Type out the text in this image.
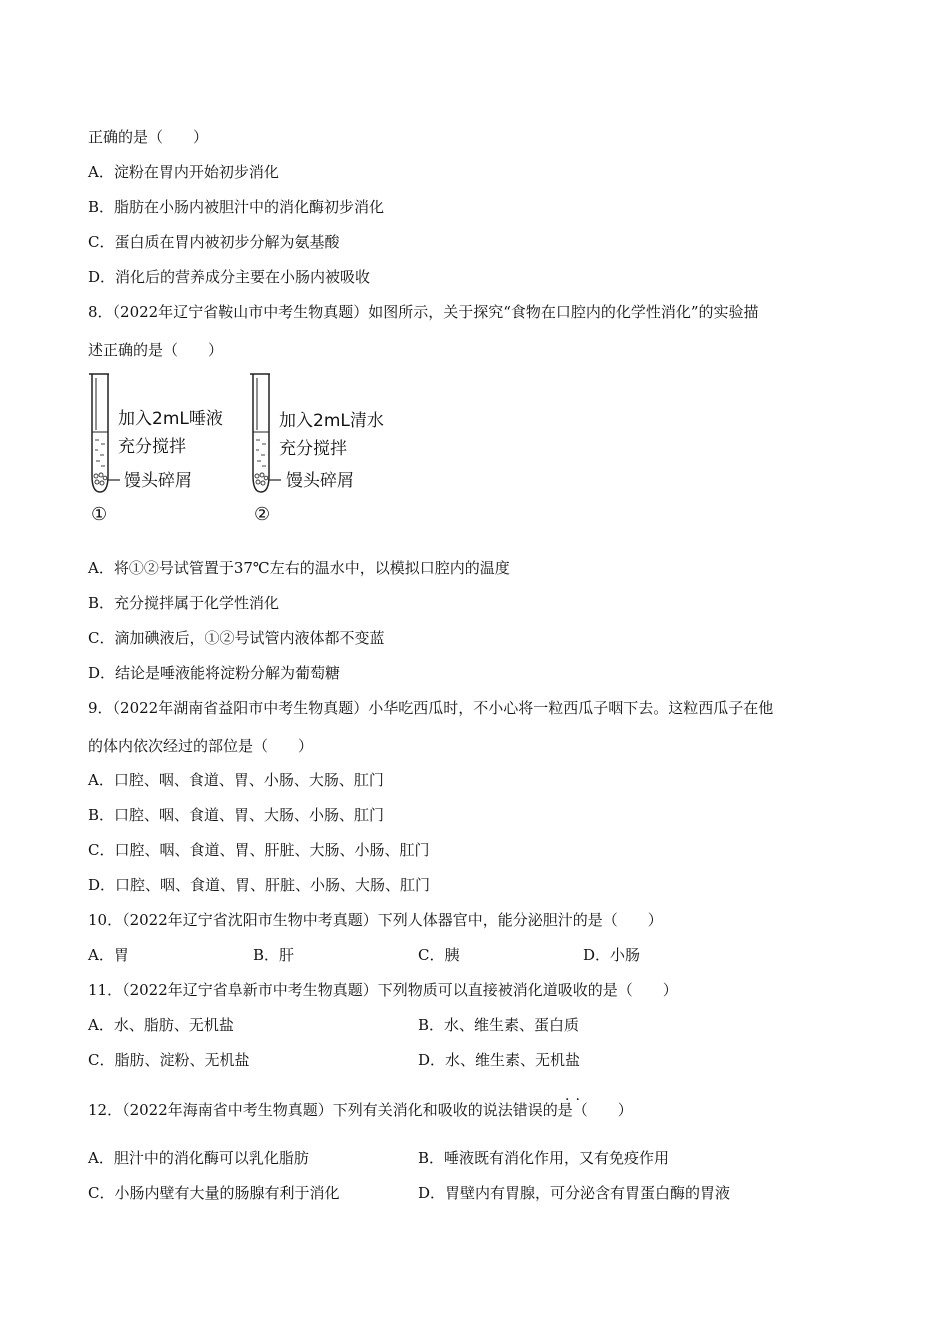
正确的是（　　）

A．淀粉在胃内开始初步消化

B．脂肪在小肠内被胆汁中的消化酶初步消化

C．蛋白质在胃内被初步分解为氨基酸

D．消化后的营养成分主要在小肠内被吸收

8．（2022年辽宁省鞍山市中考生物真题）如图所示，关于探究“食物在口腔内的化学性消化”的实验描

述正确的是（　　）

加入2mL唾液
充分搅拌
馒头碎屑
①
加入2mL清水
充分搅拌
馒头碎屑
②

A．将①②号试管置于37℃左右的温水中，以模拟口腔内的温度

B．充分搅拌属于化学性消化

C．滴加碘液后，①②号试管内液体都不变蓝

D．结论是唾液能将淀粉分解为葡萄糖

9．（2022年湖南省益阳市中考生物真题）小华吃西瓜时，不小心将一粒西瓜子咽下去。这粒西瓜子在他

的体内依次经过的部位是（　　）

A．口腔、咽、食道、胃、小肠、大肠、肛门

B．口腔、咽、食道、胃、大肠、小肠、肛门

C．口腔、咽、食道、胃、肝脏、大肠、小肠、肛门

D．口腔、咽、食道、胃、肝脏、小肠、大肠、肛门

10．（2022年辽宁省沈阳市生物中考真题）下列人体器官中，能分泌胆汁的是（　　）

A．胃	B．肝	C．胰	D．小肠

11．（2022年辽宁省阜新市中考生物真题）下列物质可以直接被消化道吸收的是（　　）

A．水、脂肪、无机盐	B．水、维生素、蛋白质
C．脂肪、淀粉、无机盐	D．水、维生素、无机盐
..

12．（2022年海南省中考生物真题）下列有关消化和吸收的说法错误的是（　　）

A．胆汁中的消化酶可以乳化脂肪	B．唾液既有消化作用，又有免疫作用
C．小肠内壁有大量的肠腺有利于消化	D．胃壁内有胃腺，可分泌含有胃蛋白酶的胃液
